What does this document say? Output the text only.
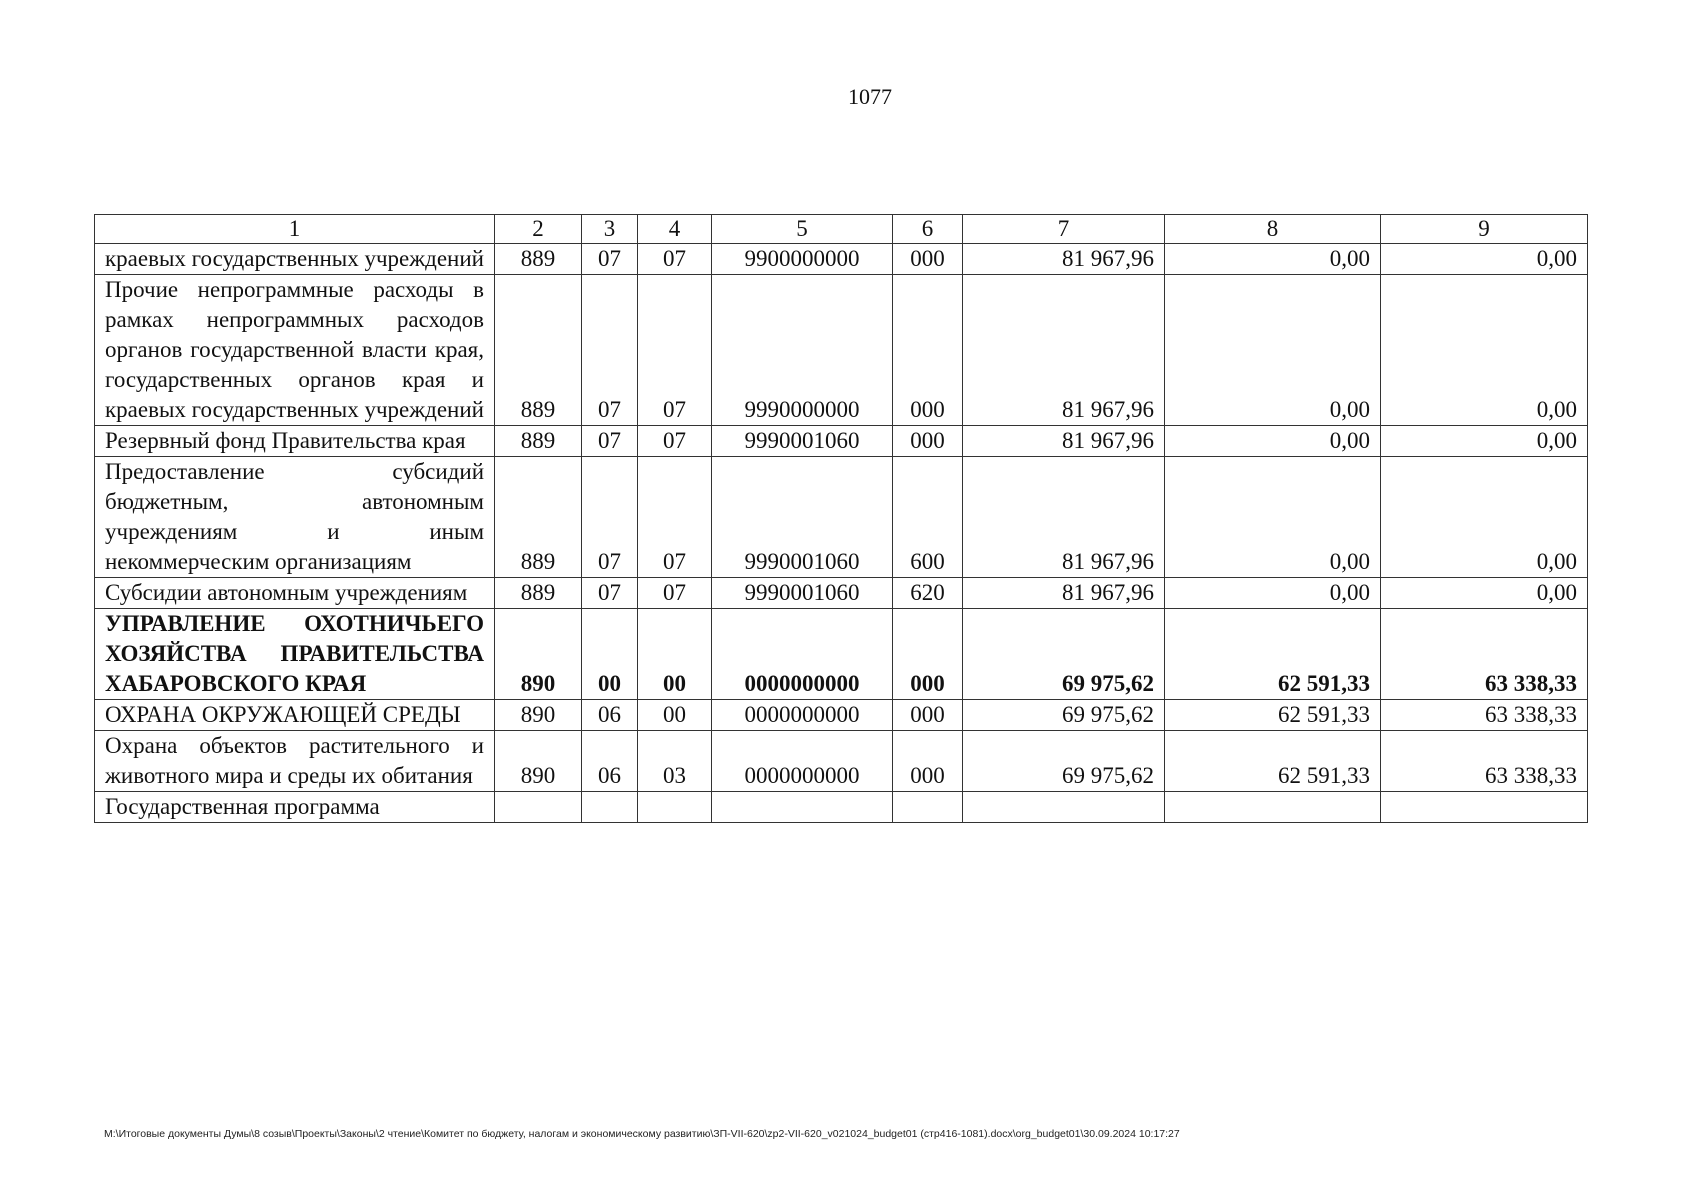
1077
1	2	3	4	5	6	7	8	9
краевых государственных учреждений	889	07	07	9900000000	000	81 967,96	0,00	0,00
Прочие непрограммные расходы в рамках непрограммных расходов органов государственной власти края, государственных органов края и краевых государственных учреждений	889	07	07	9990000000	000	81 967,96	0,00	0,00
Резервный фонд Правительства края	889	07	07	9990001060	000	81 967,96	0,00	0,00
Предоставление субсидий бюджетным, автономным учреждениям и иным некоммерческим организациям	889	07	07	9990001060	600	81 967,96	0,00	0,00
Субсидии автономным учреждениям	889	07	07	9990001060	620	81 967,96	0,00	0,00
УПРАВЛЕНИЕ ОХОТНИЧЬЕГО ХОЗЯЙСТВА ПРАВИТЕЛЬСТВА ХАБАРОВСКОГО КРАЯ	890	00	00	0000000000	000	69 975,62	62 591,33	63 338,33
ОХРАНА ОКРУЖАЮЩЕЙ СРЕДЫ	890	06	00	0000000000	000	69 975,62	62 591,33	63 338,33
Охрана объектов растительного и животного мира и среды их обитания	890	06	03	0000000000	000	69 975,62	62 591,33	63 338,33
Государственная программа								
M:\Итоговые документы Думы\8 созыв\Проекты\Законы\2 чтение\Комитет по бюджету, налогам и экономическому развитию\ЗП-VII-620\zp2-VII-620_v021024_budget01 (стр416-1081).docx\org_budget01\30.09.2024 10:17:27
